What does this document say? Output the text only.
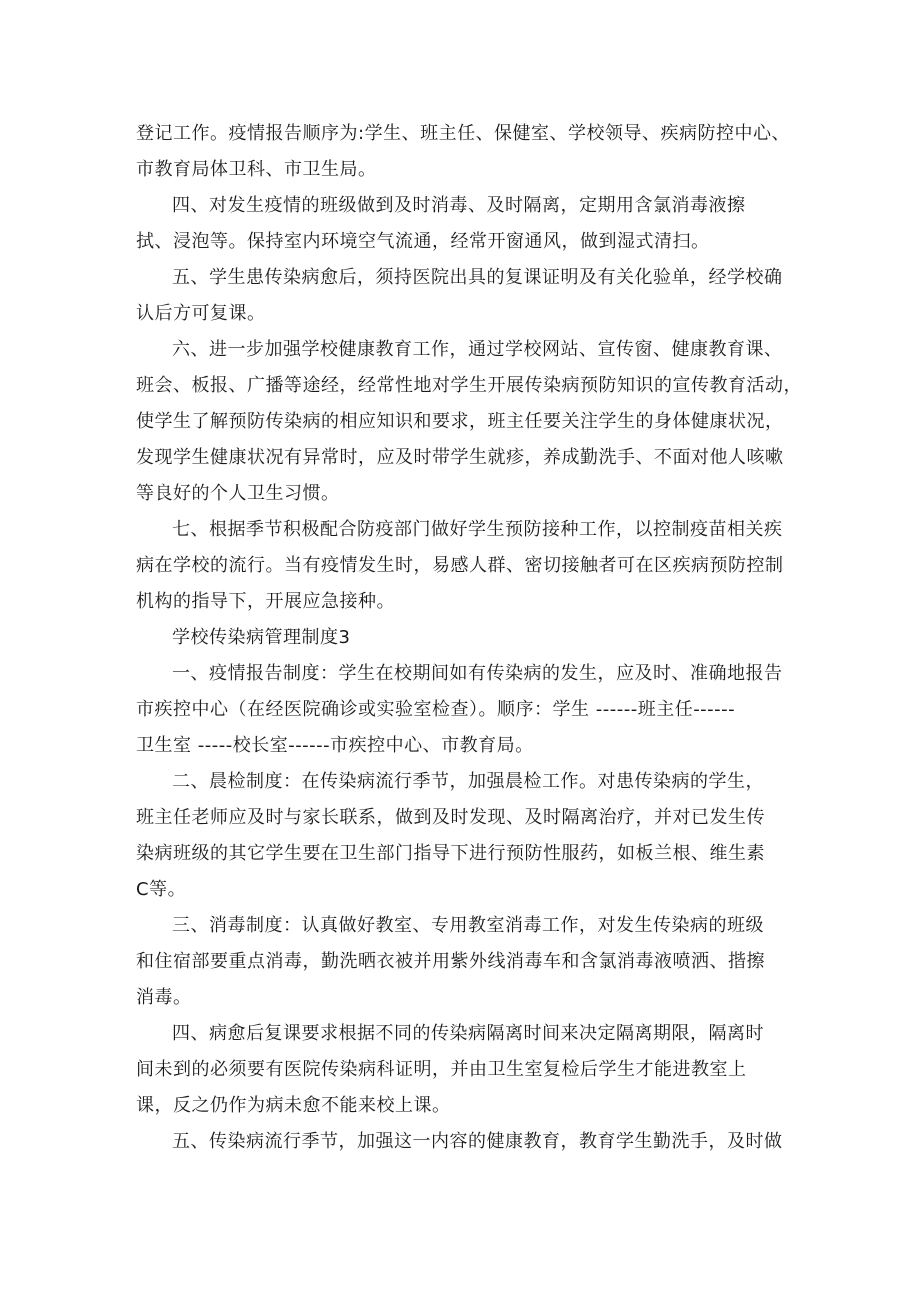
登记工作。疫情报告顺序为:学生、班主任、保健室、学校领导、疾病防控中心、
市教育局体卫科、市卫生局。
四、对发生疫情的班级做到及时消毒、及时隔离，定期用含氯消毒液擦
拭、浸泡等。保持室内环境空气流通，经常开窗通风，做到湿式清扫。
五、学生患传染病愈后，须持医院出具的复课证明及有关化验单，经学校确
认后方可复课。
六、进一步加强学校健康教育工作，通过学校网站、宣传窗、健康教育课、
班会、板报、广播等途经，经常性地对学生开展传染病预防知识的宣传教育活动，
使学生了解预防传染病的相应知识和要求，班主任要关注学生的身体健康状况，
发现学生健康状况有异常时，应及时带学生就疹，养成勤洗手、不面对他人咳嗽
等良好的个人卫生习惯。
七、根据季节积极配合防疫部门做好学生预防接种工作，以控制疫苗相关疾
病在学校的流行。当有疫情发生时，易感人群、密切接触者可在区疾病预防控制
机构的指导下，开展应急接种。
学校传染病管理制度3
一、疫情报告制度：学生在校期间如有传染病的发生，应及时、准确地报告
市疾控中心（在经医院确诊或实验室检查）。顺序：学生 ------班主任------
卫生室 -----校长室------市疾控中心、市教育局。
二、晨检制度：在传染病流行季节，加强晨检工作。对患传染病的学生，
班主任老师应及时与家长联系，做到及时发现、及时隔离治疗，并对已发生传
染病班级的其它学生要在卫生部门指导下进行预防性服药，如板兰根、维生素
C等。
三、消毒制度：认真做好教室、专用教室消毒工作，对发生传染病的班级
和住宿部要重点消毒，勤洗晒衣被并用紫外线消毒车和含氯消毒液喷洒、揩擦
消毒。
四、病愈后复课要求根据不同的传染病隔离时间来决定隔离期限，隔离时
间未到的必须要有医院传染病科证明，并由卫生室复检后学生才能进教室上
课，反之仍作为病未愈不能来校上课。
五、传染病流行季节，加强这一内容的健康教育，教育学生勤洗手，及时做
